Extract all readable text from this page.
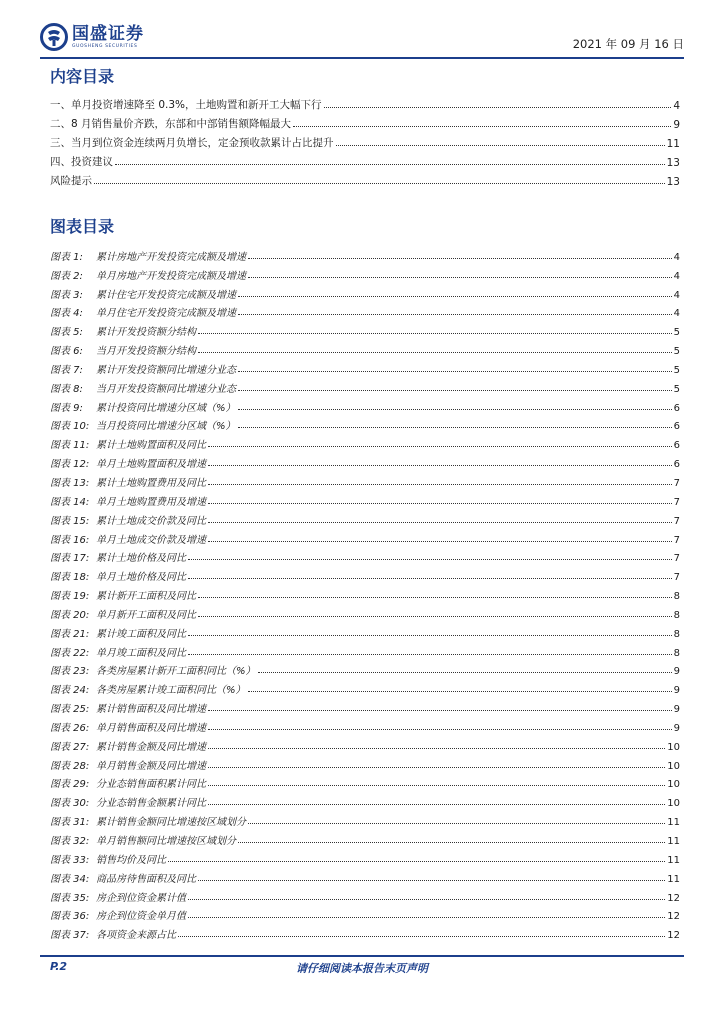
国盛证券
GUOSHENG SECURITIES	2021 年 09 月 16 日
内容目录
一、单月投资增速降至 0.3%，土地购置和新开工大幅下行	4
二、8 月销售量价齐跌，东部和中部销售额降幅最大	9
三、当月到位资金连续两月负增长，定金预收款累计占比提升	11
四、投资建议	13
风险提示	13
图表目录
图表 1:	累计房地产开发投资完成额及增速	4
图表 2:	单月房地产开发投资完成额及增速	4
图表 3:	累计住宅开发投资完成额及增速	4
图表 4:	单月住宅开发投资完成额及增速	4
图表 5:	累计开发投资额分结构	5
图表 6:	当月开发投资额分结构	5
图表 7:	累计开发投资额同比增速分业态	5
图表 8:	当月开发投资额同比增速分业态	5
图表 9:	累计投资同比增速分区域（%）	6
图表 10: 当月投资同比增速分区域（%）	6
图表 11: 累计土地购置面积及同比	6
图表 12: 单月土地购置面积及增速	6
图表 13: 累计土地购置费用及同比	7
图表 14: 单月土地购置费用及增速	7
图表 15: 累计土地成交价款及同比	7
图表 16: 单月土地成交价款及增速	7
图表 17: 累计土地价格及同比	7
图表 18: 单月土地价格及同比	7
图表 19: 累计新开工面积及同比	8
图表 20: 单月新开工面积及同比	8
图表 21: 累计竣工面积及同比	8
图表 22: 单月竣工面积及同比	8
图表 23: 各类房屋累计新开工面积同比（%）	9
图表 24: 各类房屋累计竣工面积同比（%）	9
图表 25: 累计销售面积及同比增速	9
图表 26: 单月销售面积及同比增速	9
图表 27: 累计销售金额及同比增速	10
图表 28: 单月销售金额及同比增速	10
图表 29: 分业态销售面积累计同比	10
图表 30: 分业态销售金额累计同比	10
图表 31: 累计销售金额同比增速按区域划分	11
图表 32: 单月销售额同比增速按区域划分	11
图表 33: 销售均价及同比	11
图表 34: 商品房待售面积及同比	11
图表 35: 房企到位资金累计值	12
图表 36: 房企到位资金单月值	12
图表 37: 各项资金来源占比	12
P.2	请仔细阅读本报告末页声明
